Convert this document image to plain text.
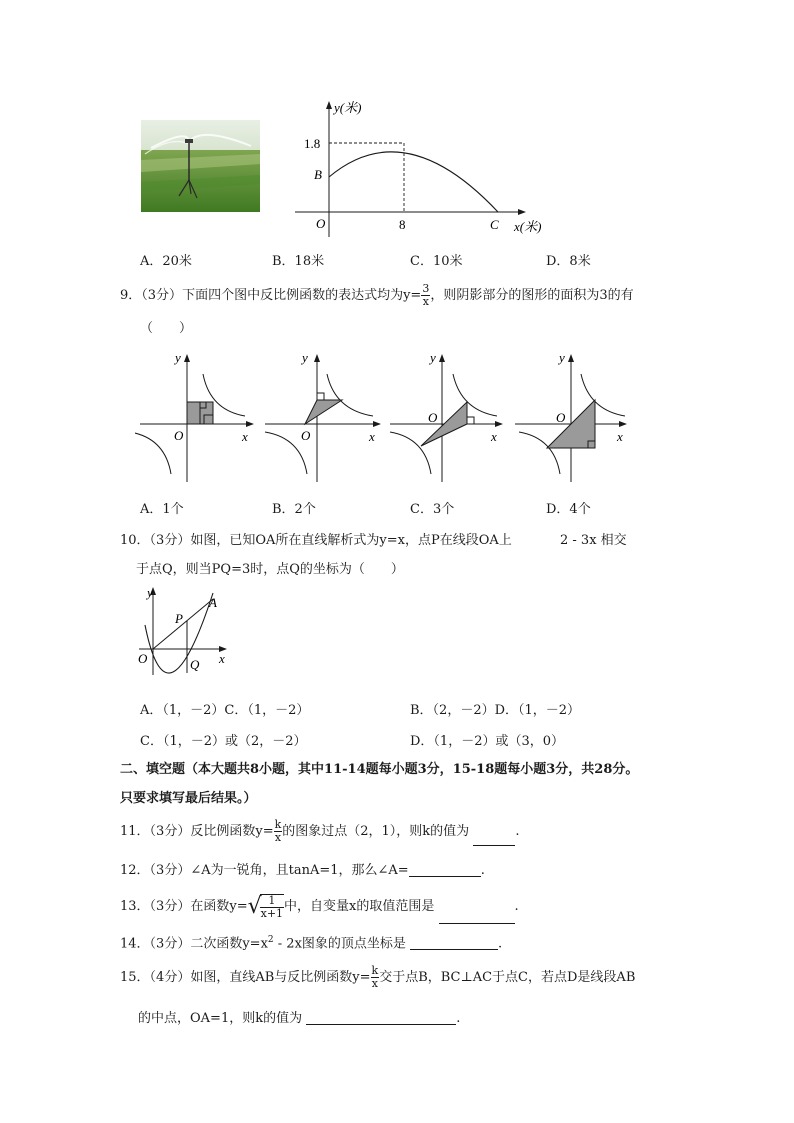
y(米)
1.8
B
O	8	C x(米)
A．20米	B．18米	C．10米	D．8米
9．（3分）下面四个图中反比例函数的表达式均为$y= \frac{3}{x}$ ，则阴影部分的图形的面积为3的有
（　　）
O	x
y
O	x
y
O
x
y
O
x
y
A．1个	B．2个	C．3个	D．4个
10．（3分）如图，已知OA所在直线解析式为y=x，点P在线段OA上	2 - 3x 相交
于点Q，则当PQ=3时，点Q的坐标为（　　）
y
O	x
P
A
Q
A．（1，－2）C．（1，－2）	B．（2，－2）D．（1，－2）
C．（1，－2）或（2，－2）	D．（1，－2）或（3，0）
二、填空题（本大题共8小题，其中11-14题每小题3分，15-18题每小题3分，共28分。
只要求填写最后结果。）
11．（3分）反比例函数$y= \frac{k}{x}$ 的图象过点（2，1），则k的值为	.
12．（3分）∠A为一锐角，且tanA=1，那么∠A=	.
13．（3分）在函数y=√
$\frac{1}{x+1}$ 中，自变量x的取值范围是	.
14．（3分）二次函数$y=x^2 - 2x$图象的顶点坐标是	.
15．（4分）如图，直线AB与反比例函数$y= \frac{k}{x}$ 交于点B，BC⊥AC于点C，若点D是线段AB
的中点，OA=1，则k的值为	.
